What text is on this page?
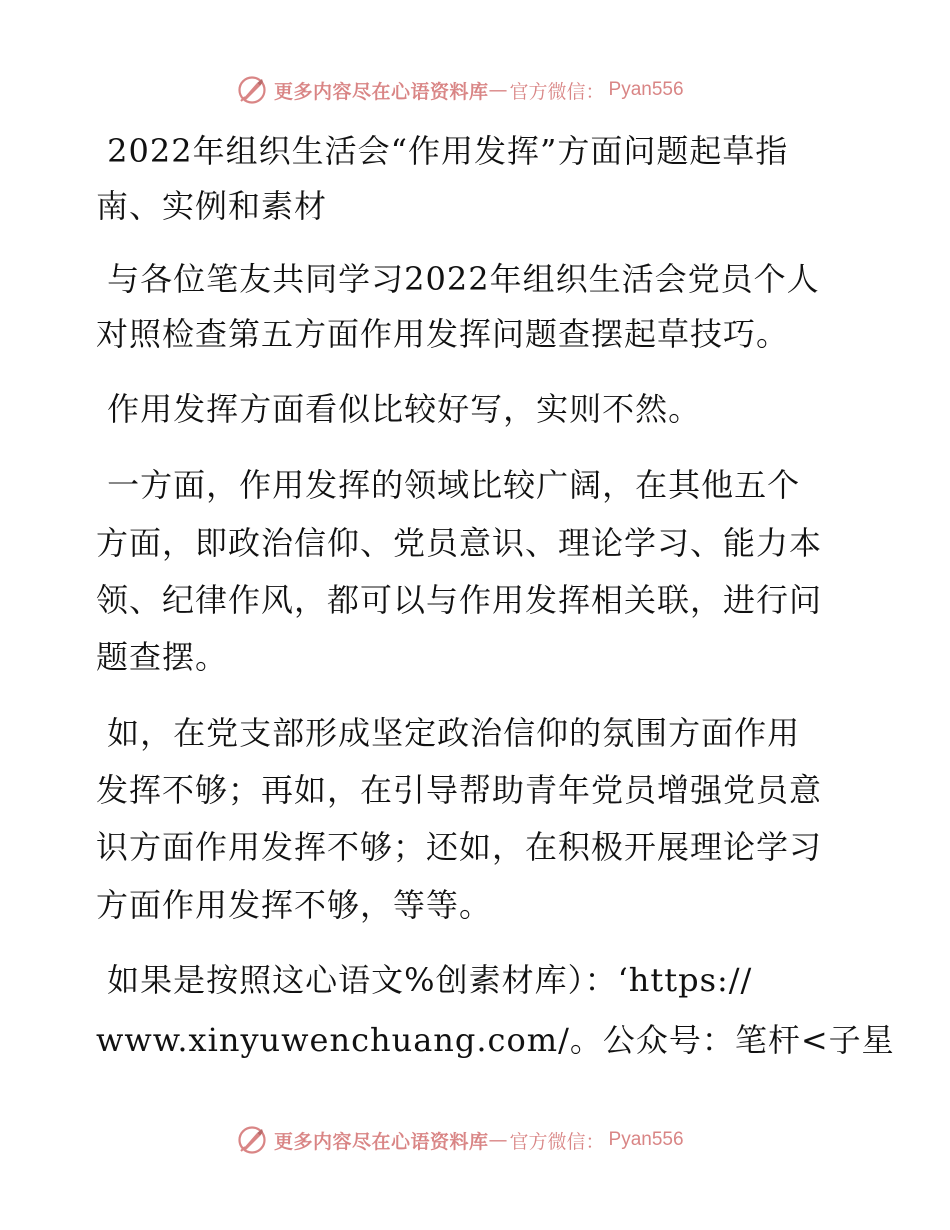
更多内容尽在心语资料库 — 官方微信： Pyan556

2022年组织生活会“作用发挥”方面问题起草指

南、实例和素材

与各位笔友共同学习2022年组织生活会党员个人

对照检查第五方面作用发挥问题查摆起草技巧。

作用发挥方面看似比较好写，实则不然。

一方面，作用发挥的领域比较广阔，在其他五个

方面，即政治信仰、党员意识、理论学习、能力本

领、纪律作风，都可以与作用发挥相关联，进行问

题查摆。

如，在党支部形成坚定政治信仰的氛围方面作用

发挥不够；再如，在引导帮助青年党员增强党员意

识方面作用发挥不够；还如，在积极开展理论学习

方面作用发挥不够，等等。

如果是按照这心语文%创素材库）：‘https://

www.xinyuwenchuang.com/。公众号：笔杆<子星

更多内容尽在心语资料库 — 官方微信： Pyan556
